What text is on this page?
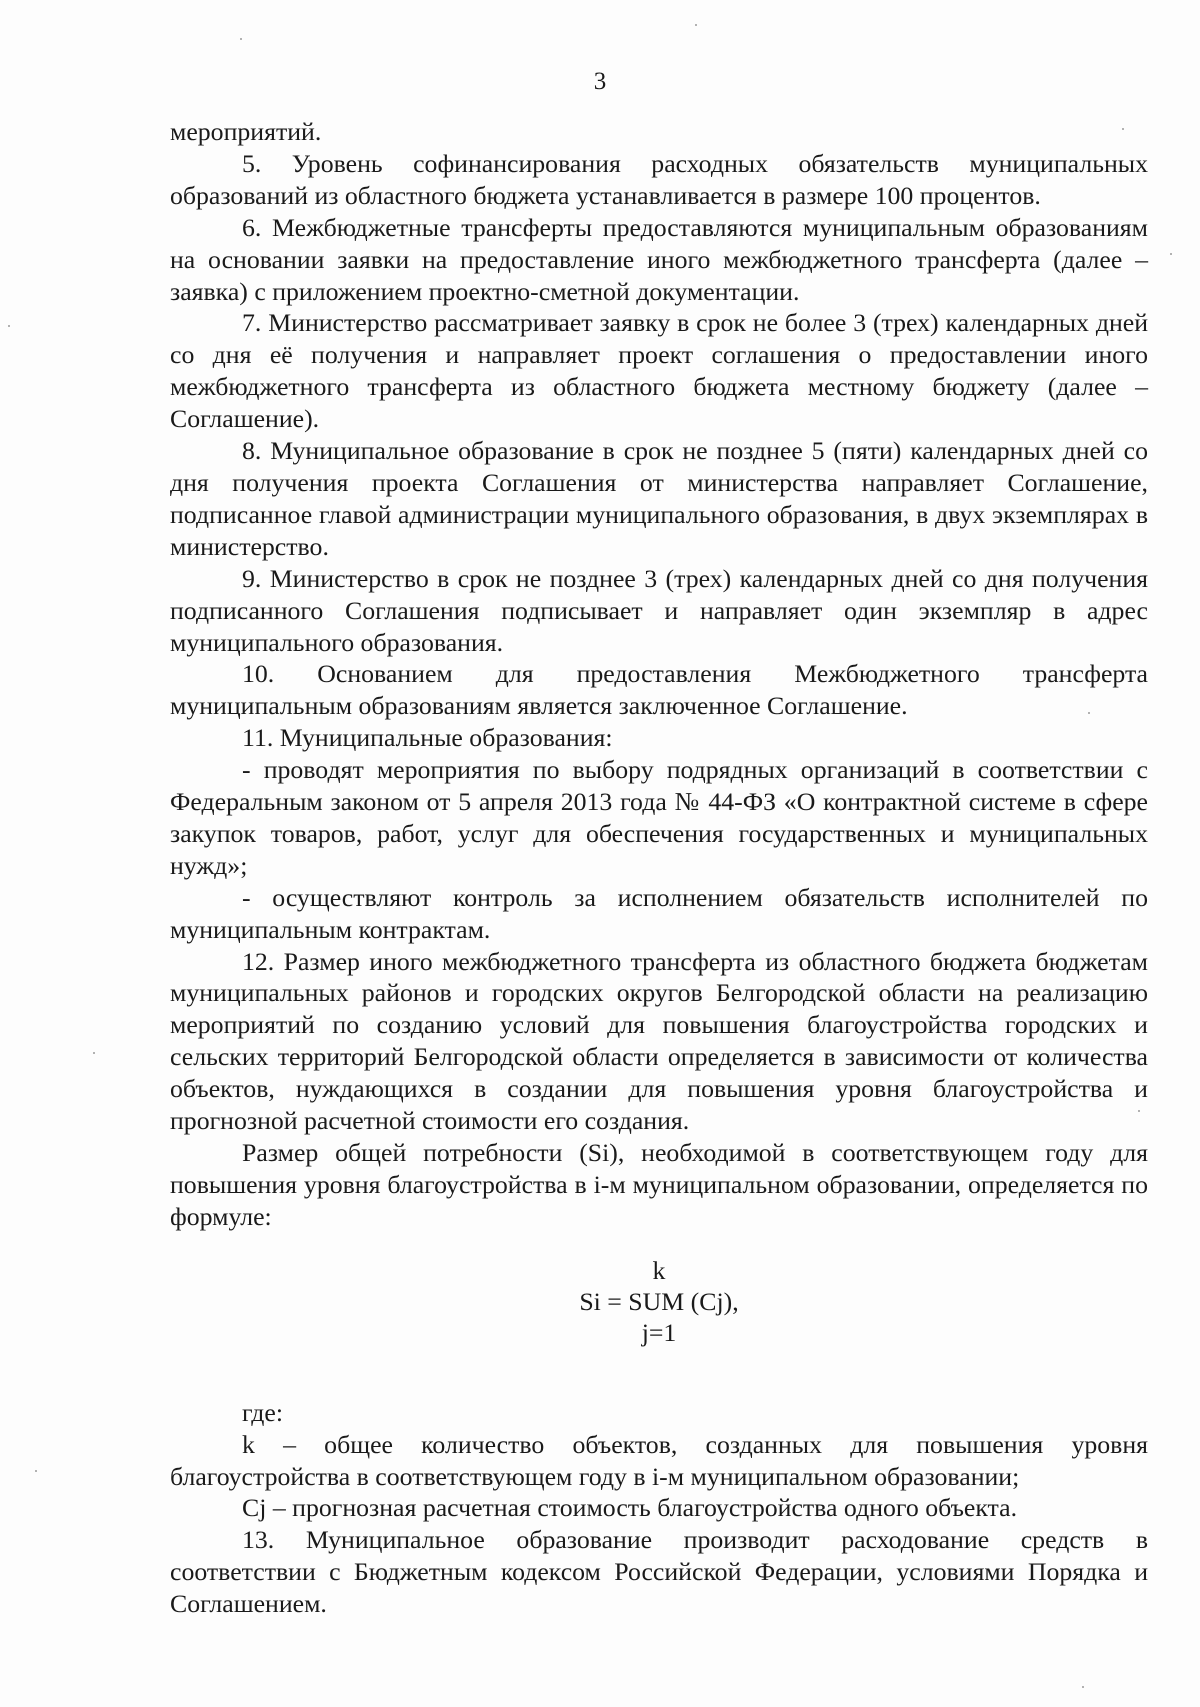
3

мероприятий.

5. Уровень софинансирования расходных обязательств муниципальных образований из областного бюджета устанавливается в размере 100 процентов.

6. Межбюджетные трансферты предоставляются муниципальным образованиям на основании заявки на предоставление иного межбюджетного трансферта (далее – заявка) с приложением проектно-сметной документации.

7. Министерство рассматривает заявку в срок не более 3 (трех) календарных дней со дня её получения и направляет проект соглашения о предоставлении иного межбюджетного трансферта из областного бюджета местному бюджету (далее – Соглашение).

8. Муниципальное образование в срок не позднее 5 (пяти) календарных дней со дня получения проекта Соглашения от министерства направляет Соглашение, подписанное главой администрации муниципального образования, в двух экземплярах в министерство.

9. Министерство в срок не позднее 3 (трех) календарных дней со дня получения подписанного Соглашения подписывает и направляет один экземпляр в адрес муниципального образования.

10. Основанием для предоставления Межбюджетного трансферта муниципальным образованиям является заключенное Соглашение.

11. Муниципальные образования:

- проводят мероприятия по выбору подрядных организаций в соответствии с Федеральным законом от 5 апреля 2013 года № 44-ФЗ «О контрактной системе в сфере закупок товаров, работ, услуг для обеспечения государственных и муниципальных нужд»;

- осуществляют контроль за исполнением обязательств исполнителей по муниципальным контрактам.

12. Размер иного межбюджетного трансферта из областного бюджета бюджетам муниципальных районов и городских округов Белгородской области на реализацию мероприятий по созданию условий для повышения благоустройства городских и сельских территорий Белгородской области определяется в зависимости от количества объектов, нуждающихся в создании для повышения уровня благоустройства и прогнозной расчетной стоимости его создания.

Размер общей потребности (Si), необходимой в соответствующем году для повышения уровня благоустройства в i-м муниципальном образовании, определяется по формуле:

k
Si = SUM (Cj),
j=1

где:

k – общее количество объектов, созданных для повышения уровня благоустройства в соответствующем году в i-м муниципальном образовании;

Cj – прогнозная расчетная стоимость благоустройства одного объекта.

13. Муниципальное образование производит расходование средств в соответствии с Бюджетным кодексом Российской Федерации, условиями Порядка и Соглашением.
